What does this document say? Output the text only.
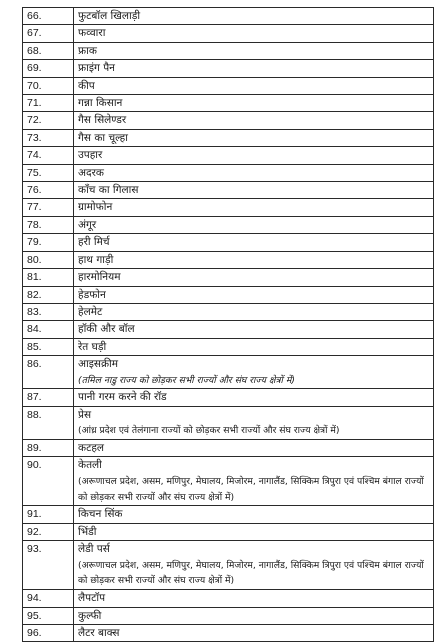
66.	फुटबॉल खिलाड़ी

67.	फव्वारा

68.	फ्राक

69.	फ्राइंग पैन

70.	कीप

71.	गन्ना किसान

72.	गैस सिलेण्डर

73.	गैस का चूल्हा

74.	उपहार

75.	अदरक

76.	काँच का गिलास

77.	ग्रामोफोन

78.	अंगूर

79.	हरी मिर्च

80.	हाथ गाड़ी

81.	हारमोनियम

82.	हेडफोन

83.	हेलमेट

84.	हॉकी और बॉल

85.	रेत घड़ी

86.	आइसक्रीम
(तमिल नाडु राज्य को छोड़कर सभी राज्यों और संघ राज्य क्षेत्रों में)

87.	पानी गरम करने की रॉड

88.	प्रेस
(आंध्र प्रदेश एवं तेलंगाना राज्यों को छोड़कर सभी राज्यों और संघ राज्य क्षेत्रों में)

89.	कटहल

90.	केतली
(अरूणाचल प्रदेश, असम, मणिपुर, मेघालय, मिजोरम, नागालैंड, सिक्किम त्रिपुरा एवं पश्चिम बंगाल राज्यों को छोड़कर सभी राज्यों और संघ राज्य क्षेत्रों में)

91.	किचन सिंक

92.	भिंडी

93.	लेडी पर्स
(अरूणाचल प्रदेश, असम, मणिपुर, मेघालय, मिजोरम, नागालैंड, सिक्किम त्रिपुरा एवं पश्चिम बंगाल राज्यों को छोड़कर सभी राज्यों और संघ राज्य क्षेत्रों में)

94.	लैपटॉप

95.	कुल्फी

96.	लैटर बाक्स
